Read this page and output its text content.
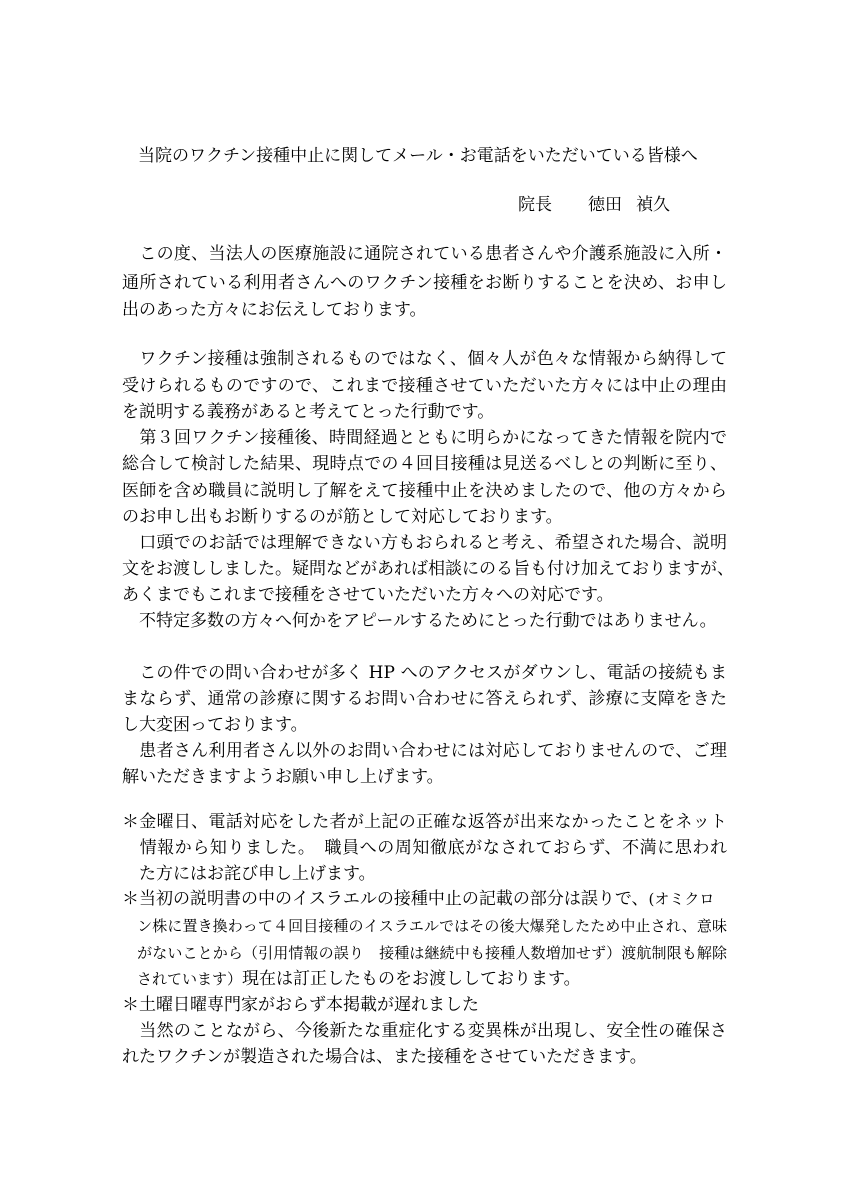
当院のワクチン接種中止に関してメール・お電話をいただいている皆様へ
院長 徳田 禎久
　この度、当法人の医療施設に通院されている患者さんや介護系施設に入所・
通所されている利用者さんへのワクチン接種をお断りすることを決め、お申し
出のあった方々にお伝えしております。
　ワクチン接種は強制されるものではなく、個々人が色々な情報から納得して
受けられるものですので、これまで接種させていただいた方々には中止の理由
を説明する義務があると考えてとった行動です。
　第３回ワクチン接種後、時間経過とともに明らかになってきた情報を院内で
総合して検討した結果、現時点での４回目接種は見送るべしとの判断に至り、
医師を含め職員に説明し了解をえて接種中止を決めましたので、他の方々から
のお申し出もお断りするのが筋として対応しております。
　口頭でのお話では理解できない方もおられると考え、希望された場合、説明
文をお渡ししました。疑問などがあれば相談にのる旨も付け加えておりますが、
あくまでもこれまで接種をさせていただいた方々への対応です。
　不特定多数の方々へ何かをアピールするためにとった行動ではありません。
　この件での問い合わせが多く HP へのアクセスがダウンし、電話の接続もま
まならず、通常の診療に関するお問い合わせに答えられず、診療に支障をきた
し大変困っております。
　患者さん利用者さん以外のお問い合わせには対応しておりませんので、ご理
解いただきますようお願い申し上げます。
＊金曜日、電話対応をした者が上記の正確な返答が出来なかったことをネット
　情報から知りました。　職員への周知徹底がなされておらず、不満に思われ
　た方にはお詫び申し上げます。
＊当初の説明書の中のイスラエルの接種中止の記載の部分は誤りで、(オミクロ
　ン株に置き換わって４回目接種のイスラエルではその後大爆発したため中止され、意味
　がないことから（引用情報の誤り　接種は継続中も接種人数増加せず）渡航制限も解除
　されています）現在は訂正したものをお渡ししております。
＊土曜日曜専門家がおらず本掲載が遅れました
　当然のことながら、今後新たな重症化する変異株が出現し、安全性の確保さ
れたワクチンが製造された場合は、また接種をさせていただきます。
